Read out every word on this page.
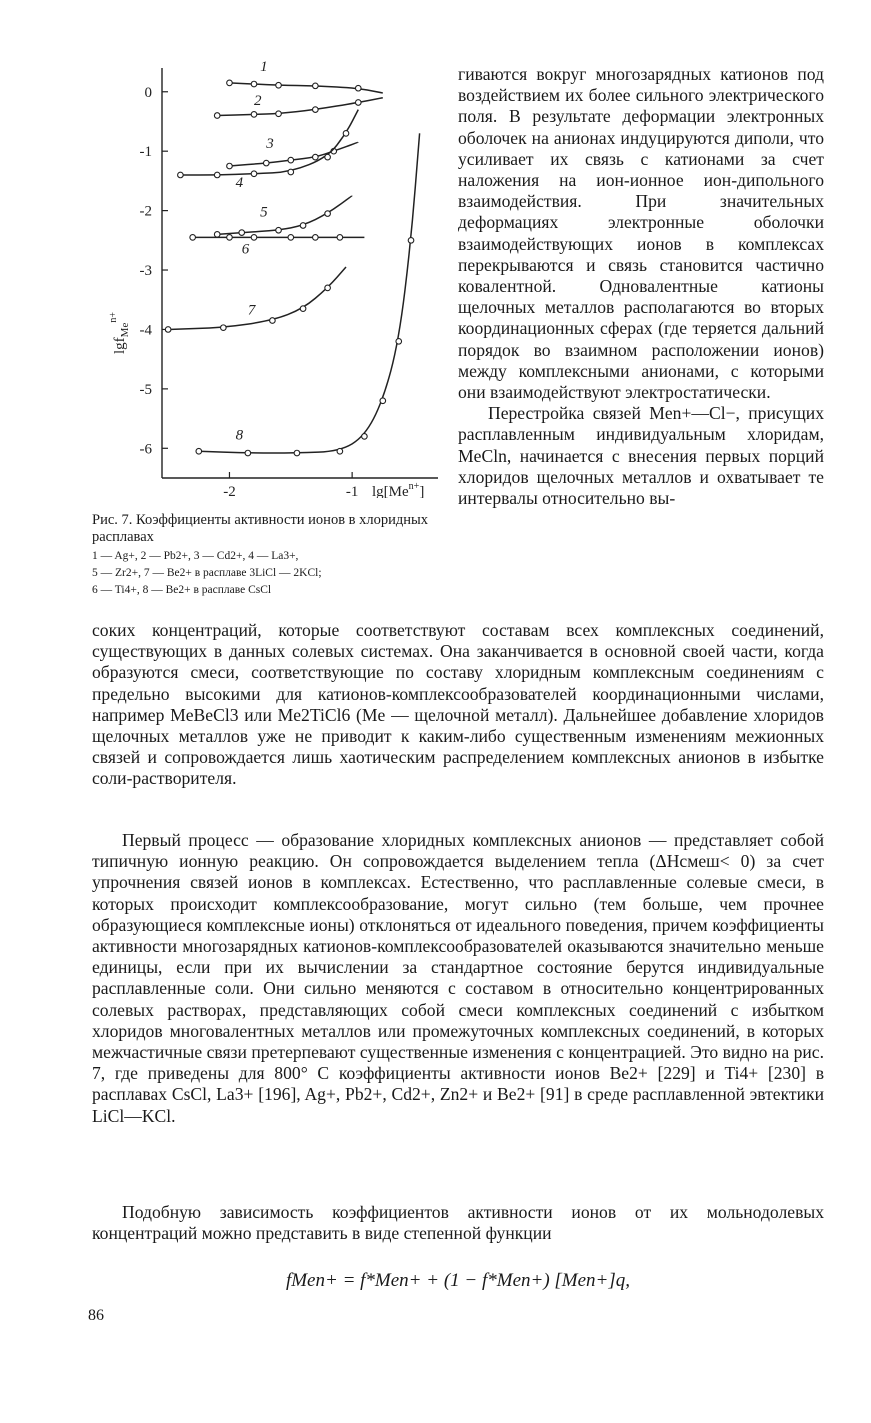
0
-1
-2
-3
-4
-5
-6
-2	-1
1
2
3
4
5
6
7
8
lgf$_{Me}^{n+}$
$\lg[Me^{n+}]$
Рис. 7. Коэффициенты активности ионов в хлоридных расплавах
1 — Ag+, 2 — Pb2+, 3 — Cd2+, 4 — La3+,
5 — Zr2+, 7 — Be2+ в расплаве 3LiCl — 2KCl;
6 — Ti4+, 8 — Be2+ в расплаве CsCl

гиваются вокруг многозарядных катионов под воздействием их более сильного электрического поля. В результате деформации электронных оболочек на анионах индуцируются диполи, что усиливает их связь с катионами за счет наложения на ион-ионное ион-дипольного взаимодействия. При значительных деформациях электронные оболочки взаимодействующих ионов в комплексах перекрываются и связь становится частично ковалентной. Одновалентные катионы щелочных металлов располагаются во вторых координационных сферах (где теряется дальний порядок во взаимном расположении ионов) между комплексными анионами, с которыми они взаимодействуют электростатически.

Перестройка связей Men+—Cl−, присущих расплавленным индивидуальным хлоридам, MeCln, начинается с внесения первых порций хлоридов щелочных металлов и охватывает те интервалы относительно вы-

соких концентраций, которые соответствуют составам всех комплексных соединений, существующих в данных солевых системах. Она заканчивается в основной своей части, когда образуются смеси, соответствующие по составу хлоридным комплексным соединениям с предельно высокими для катионов-комплексообразователей координационными числами, например MeBeCl3 или Me2TiCl6 (Me — щелочной металл). Дальнейшее добавление хлоридов щелочных металлов уже не приводит к каким-либо существенным изменениям межионных связей и сопровождается лишь хаотическим распределением комплексных анионов в избытке соли-растворителя.

Первый процесс — образование хлоридных комплексных анионов — представляет собой типичную ионную реакцию. Он сопровождается выделением тепла (ΔHсмеш< 0) за счет упрочнения связей ионов в комплексах. Естественно, что расплавленные солевые смеси, в которых происходит комплексообразование, могут сильно (тем больше, чем прочнее образующиеся комплексные ионы) отклоняться от идеального поведения, причем коэффициенты активности многозарядных катионов-комплексообразователей оказываются значительно меньше единицы, если при их вычислении за стандартное состояние берутся индивидуальные расплавленные соли. Они сильно меняются с составом в относительно концентрированных солевых растворах, представляющих собой смеси комплексных соединений с избытком хлоридов многовалентных металлов или промежуточных комплексных соединений, в которых межчастичные связи претерпевают существенные изменения с концентрацией. Это видно на рис. 7, где приведены для 800° C коэффициенты активности ионов Be2+ [229] и Ti4+ [230] в расплавах CsCl, La3+ [196], Ag+, Pb2+, Cd2+, Zn2+ и Be2+ [91] в среде расплавленной эвтектики LiCl—KCl.

Подобную зависимость коэффициентов активности ионов от их мольнодолевых концентраций можно представить в виде степенной функции

fMen+ = f*Men+ + (1 − f*Men+) [Men+]q,
86
